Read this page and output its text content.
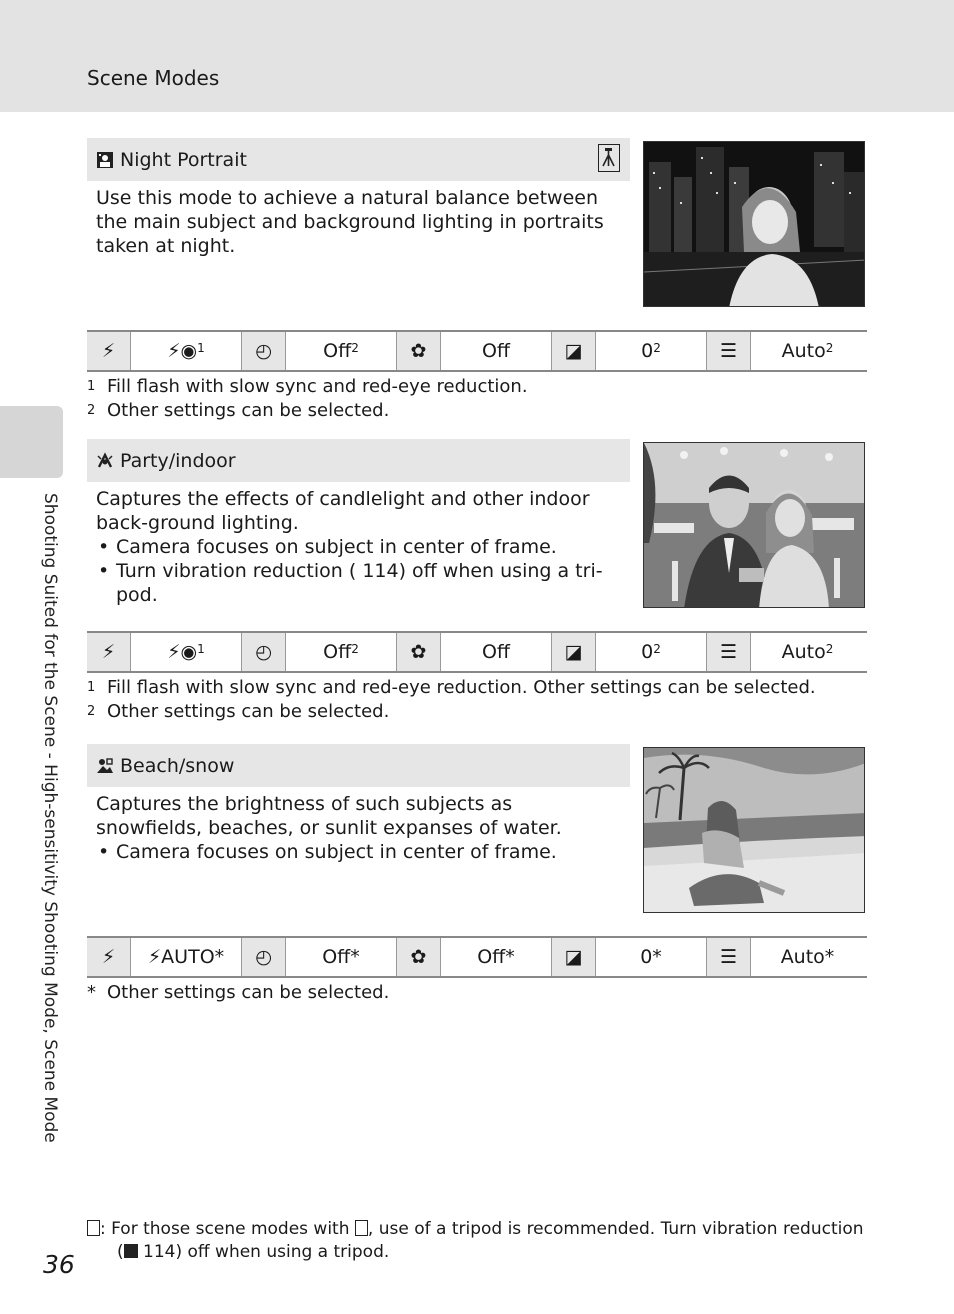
Scene Modes
Shooting Suited for the Scene - High-sensitivity Shooting Mode, Scene Mode
Night Portrait

Use this mode to achieve a natural balance between the main subject and background lighting in portraits taken at night.

⚡	⚡◉$^1$	◴	Off$^2$	✿	Off	◪	$0^2$	☰	Auto$^2$
1 Fill flash with slow sync and red-eye reduction.
2 Other settings can be selected.
Party/indoor

Captures the effects of candlelight and other indoor back-ground lighting.

• Camera focuses on subject in center of frame.
• Turn vibration reduction ( 114) off when using a tri-pod.
⚡	⚡◉$^1$	◴	Off$^2$	✿	Off	◪	$0^2$	☰	Auto$^2$
1 Fill flash with slow sync and red-eye reduction. Other settings can be selected.
2 Other settings can be selected.
Beach/snow

Captures the brightness of such subjects as snowfields, beaches, or sunlit expanses of water.

• Camera focuses on subject in center of frame.
⚡	⚡AUTO *	◴	Off*	✿	Off*	◪	0*	☰	Auto*
* Other settings can be selected.
: For those scene modes with , use of a tripod is recommended. Turn vibration reduction
( 114) off when using a tripod.
36
